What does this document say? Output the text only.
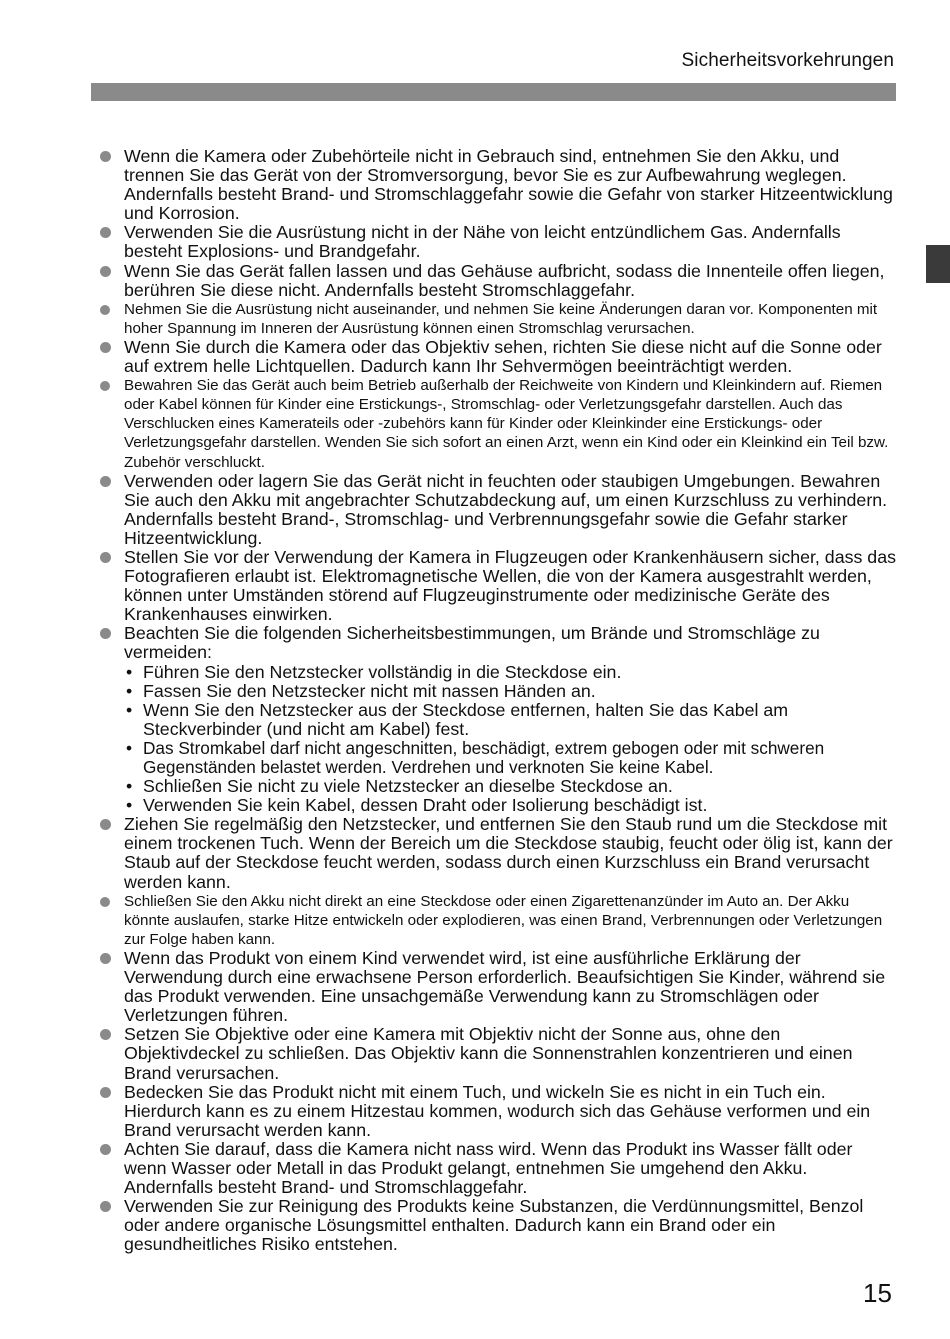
Sicherheitsvorkehrungen
Wenn die Kamera oder Zubehörteile nicht in Gebrauch sind, entnehmen Sie den Akku, und trennen Sie das Gerät von der Stromversorgung, bevor Sie es zur Aufbewahrung weglegen. Andernfalls besteht Brand- und Stromschlaggefahr sowie die Gefahr von starker Hitzeentwicklung und Korrosion.
Verwenden Sie die Ausrüstung nicht in der Nähe von leicht entzündlichem Gas. Andernfalls besteht Explosions- und Brandgefahr.
Wenn Sie das Gerät fallen lassen und das Gehäuse aufbricht, sodass die Innenteile offen liegen, berühren Sie diese nicht. Andernfalls besteht Stromschlaggefahr.
Nehmen Sie die Ausrüstung nicht auseinander, und nehmen Sie keine Änderungen daran vor. Komponenten mit hoher Spannung im Inneren der Ausrüstung können einen Stromschlag verursachen.
Wenn Sie durch die Kamera oder das Objektiv sehen, richten Sie diese nicht auf die Sonne oder auf extrem helle Lichtquellen. Dadurch kann Ihr Sehvermögen beeinträchtigt werden.
Bewahren Sie das Gerät auch beim Betrieb außerhalb der Reichweite von Kindern und Kleinkindern auf. Riemen oder Kabel können für Kinder eine Erstickungs-, Stromschlag- oder Verletzungsgefahr darstellen. Auch das Verschlucken eines Kamerateils oder -zubehörs kann für Kinder oder Kleinkinder eine Erstickungs- oder Verletzungsgefahr darstellen. Wenden Sie sich sofort an einen Arzt, wenn ein Kind oder ein Kleinkind ein Teil bzw. Zubehör verschluckt.
Verwenden oder lagern Sie das Gerät nicht in feuchten oder staubigen Umgebungen. Bewahren Sie auch den Akku mit angebrachter Schutzabdeckung auf, um einen Kurzschluss zu verhindern. Andernfalls besteht Brand-, Stromschlag- und Verbrennungsgefahr sowie die Gefahr starker Hitzeentwicklung.
Stellen Sie vor der Verwendung der Kamera in Flugzeugen oder Krankenhäusern sicher, dass das Fotografieren erlaubt ist. Elektromagnetische Wellen, die von der Kamera ausgestrahlt werden, können unter Umständen störend auf Flugzeuginstrumente oder medizinische Geräte des Krankenhauses einwirken.
Beachten Sie die folgenden Sicherheitsbestimmungen, um Brände und Stromschläge zu vermeiden:
• Führen Sie den Netzstecker vollständig in die Steckdose ein.
• Fassen Sie den Netzstecker nicht mit nassen Händen an.
• Wenn Sie den Netzstecker aus der Steckdose entfernen, halten Sie das Kabel am Steckverbinder (und nicht am Kabel) fest.
• Das Stromkabel darf nicht angeschnitten, beschädigt, extrem gebogen oder mit schweren Gegenständen belastet werden. Verdrehen und verknoten Sie keine Kabel.
• Schließen Sie nicht zu viele Netzstecker an dieselbe Steckdose an.
• Verwenden Sie kein Kabel, dessen Draht oder Isolierung beschädigt ist.
Ziehen Sie regelmäßig den Netzstecker, und entfernen Sie den Staub rund um die Steckdose mit einem trockenen Tuch. Wenn der Bereich um die Steckdose staubig, feucht oder ölig ist, kann der Staub auf der Steckdose feucht werden, sodass durch einen Kurzschluss ein Brand verursacht werden kann.
Schließen Sie den Akku nicht direkt an eine Steckdose oder einen Zigarettenanzünder im Auto an. Der Akku könnte auslaufen, starke Hitze entwickeln oder explodieren, was einen Brand, Verbrennungen oder Verletzungen zur Folge haben kann.
Wenn das Produkt von einem Kind verwendet wird, ist eine ausführliche Erklärung der Verwendung durch eine erwachsene Person erforderlich. Beaufsichtigen Sie Kinder, während sie das Produkt verwenden. Eine unsachgemäße Verwendung kann zu Stromschlägen oder Verletzungen führen.
Setzen Sie Objektive oder eine Kamera mit Objektiv nicht der Sonne aus, ohne den Objektivdeckel zu schließen. Das Objektiv kann die Sonnenstrahlen konzentrieren und einen Brand verursachen.
Bedecken Sie das Produkt nicht mit einem Tuch, und wickeln Sie es nicht in ein Tuch ein. Hierdurch kann es zu einem Hitzestau kommen, wodurch sich das Gehäuse verformen und ein Brand verursacht werden kann.
Achten Sie darauf, dass die Kamera nicht nass wird. Wenn das Produkt ins Wasser fällt oder wenn Wasser oder Metall in das Produkt gelangt, entnehmen Sie umgehend den Akku. Andernfalls besteht Brand- und Stromschlaggefahr.
Verwenden Sie zur Reinigung des Produkts keine Substanzen, die Verdünnungsmittel, Benzol oder andere organische Lösungsmittel enthalten. Dadurch kann ein Brand oder ein gesundheitliches Risiko entstehen.
15
